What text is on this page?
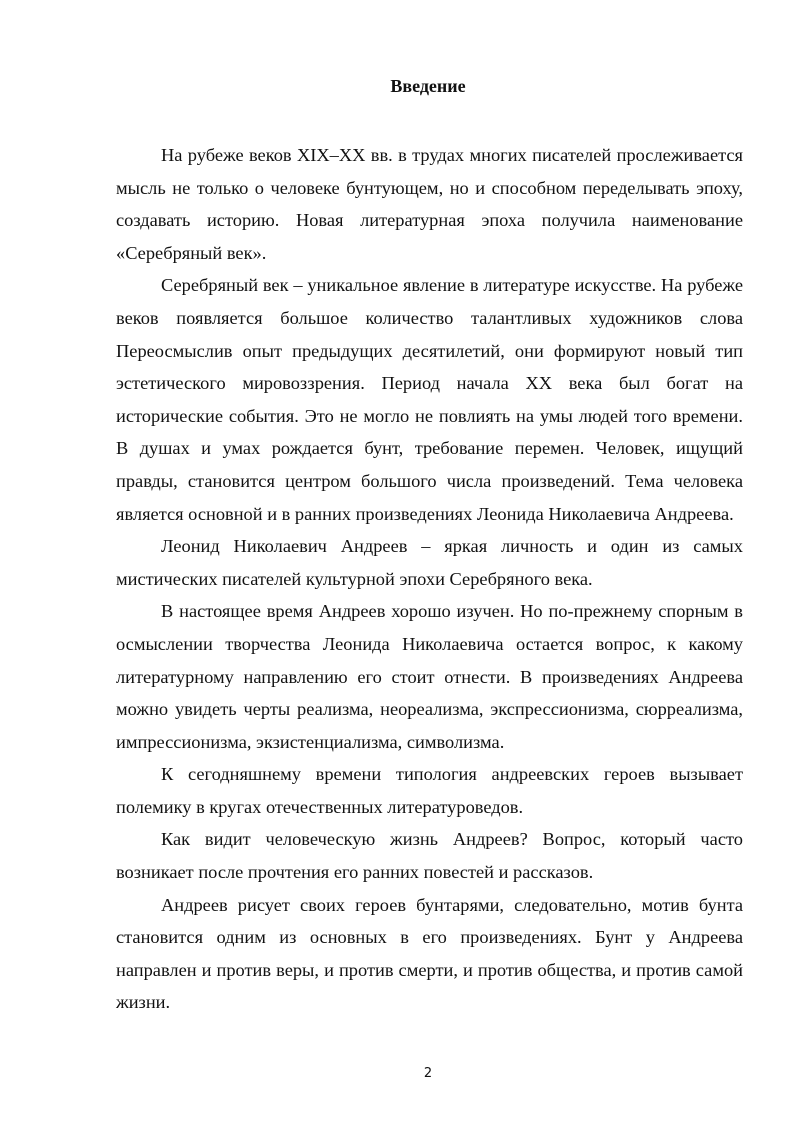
Введение

На рубеже веков XIX–XX вв. в трудах многих писателей прослеживается мысль не только о человеке бунтующем, но и способном переделывать эпоху, создавать историю. Новая литературная эпоха получила наименование «Серебряный век».

Серебряный век – уникальное явление в литературе искусстве. На рубеже веков появляется большое количество талантливых художников слова Переосмыслив опыт предыдущих десятилетий, они формируют новый тип эстетического мировоззрения. Период начала XX века был богат на исторические события. Это не могло не повлиять на умы людей того времени. В душах и умах рождается бунт, требование перемен. Человек, ищущий правды, становится центром большого числа произведений. Тема человека является основной и в ранних произведениях Леонида Николаевича Андреева.

Леонид Николаевич Андреев – яркая личность и один из самых мистических писателей культурной эпохи Серебряного века.

В настоящее время Андреев хорошо изучен. Но по-прежнему спорным в осмыслении творчества Леонида Николаевича остается вопрос, к какому литературному направлению его стоит отнести. В произведениях Андреева можно увидеть черты реализма, неореализма, экспрессионизма, сюрреализма, импрессионизма, экзистенциализма, символизма.

К сегодняшнему времени типология андреевских героев вызывает полемику в кругах отечественных литературоведов.

Как видит человеческую жизнь Андреев? Вопрос, который часто возникает после прочтения его ранних повестей и рассказов.

Андреев рисует своих героев бунтарями, следовательно, мотив бунта становится одним из основных в его произведениях. Бунт у Андреева направлен и против веры, и против смерти, и против общества, и против самой жизни.

2
